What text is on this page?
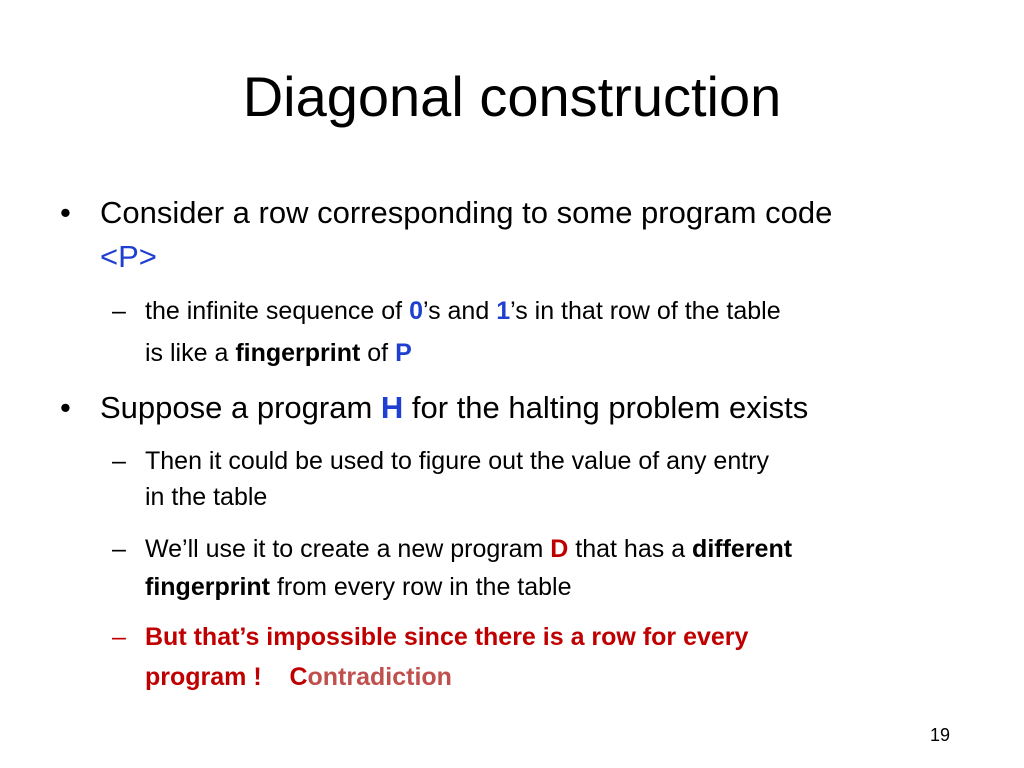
Diagonal construction
• Consider a row corresponding to some program code
<P>
– the infinite sequence of 0’s and 1’s in that row of the table
is like a fingerprint of P
• Suppose a program H for the halting problem exists
– Then it could be used to figure out the value of any entry
in the table
– We’ll use it to create a new program D that has a different
fingerprint from every row in the table
– But that’s impossible since there is a row for every
program !    Contradiction
19
